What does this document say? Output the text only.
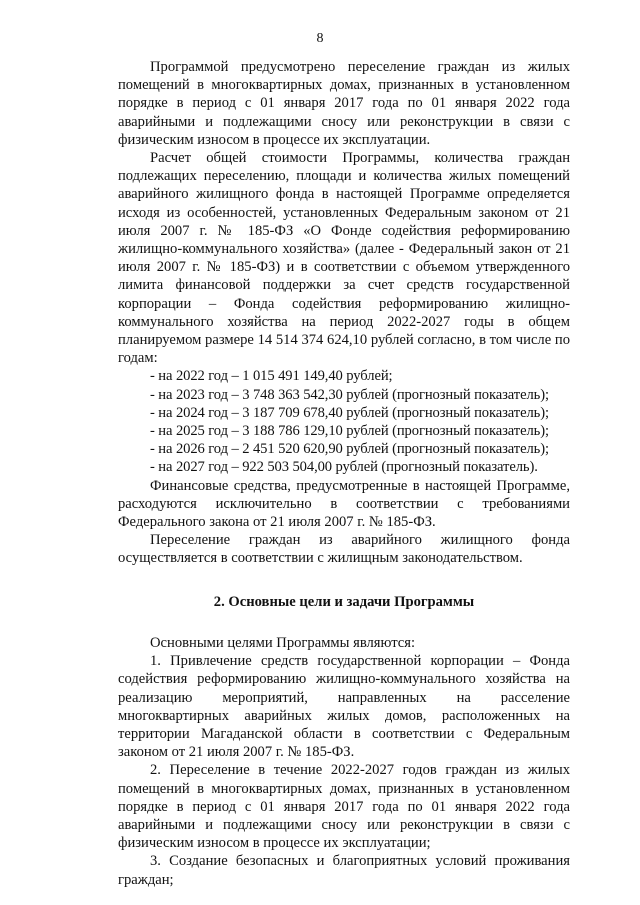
8

Программой предусмотрено переселение граждан из жилых помещений в многоквартирных домах, признанных в установленном порядке в период с 01 января 2017 года по 01 января 2022 года аварийными и подлежащими сносу или реконструкции в связи с физическим износом в процессе их эксплуатации.

Расчет общей стоимости Программы, количества граждан подлежащих переселению, площади и количества жилых помещений аварийного жилищного фонда в настоящей Программе определяется исходя из особенностей, установленных Федеральным законом от 21 июля 2007 г. № 185-ФЗ «О Фонде содействия реформированию жилищно-коммунального хозяйства» (далее - Федеральный закон от 21 июля 2007 г. № 185-ФЗ) и в соответствии с объемом утвержденного лимита финансовой поддержки за счет средств государственной корпорации – Фонда содействия реформированию жилищно-коммунального хозяйства на период 2022-2027 годы в общем планируемом размере 14 514 374 624,10 рублей согласно, в том числе по годам:

- на 2022 год – 1 015 491 149,40 рублей;
- на 2023 год – 3 748 363 542,30 рублей (прогнозный показатель);
- на 2024 год – 3 187 709 678,40 рублей (прогнозный показатель);
- на 2025 год – 3 188 786 129,10 рублей (прогнозный показатель);
- на 2026 год – 2 451 520 620,90 рублей (прогнозный показатель);
- на 2027 год – 922 503 504,00 рублей (прогнозный показатель).

Финансовые средства, предусмотренные в настоящей Программе, расходуются исключительно в соответствии с требованиями Федерального закона от 21 июля 2007 г. № 185-ФЗ.

Переселение граждан из аварийного жилищного фонда осуществляется в соответствии с жилищным законодательством.

2. Основные цели и задачи Программы

Основными целями Программы являются:

1. Привлечение средств государственной корпорации – Фонда содействия реформированию жилищно-коммунального хозяйства на реализацию мероприятий, направленных на расселение многоквартирных аварийных жилых домов, расположенных на территории Магаданской области в соответствии с Федеральным законом от 21 июля 2007 г. № 185-ФЗ.

2. Переселение в течение 2022-2027 годов граждан из жилых помещений в многоквартирных домах, признанных в установленном порядке в период с 01 января 2017 года по 01 января 2022 года аварийными и подлежащими сносу или реконструкции в связи с физическим износом в процессе их эксплуатации;

3. Создание безопасных и благоприятных условий проживания граждан;
